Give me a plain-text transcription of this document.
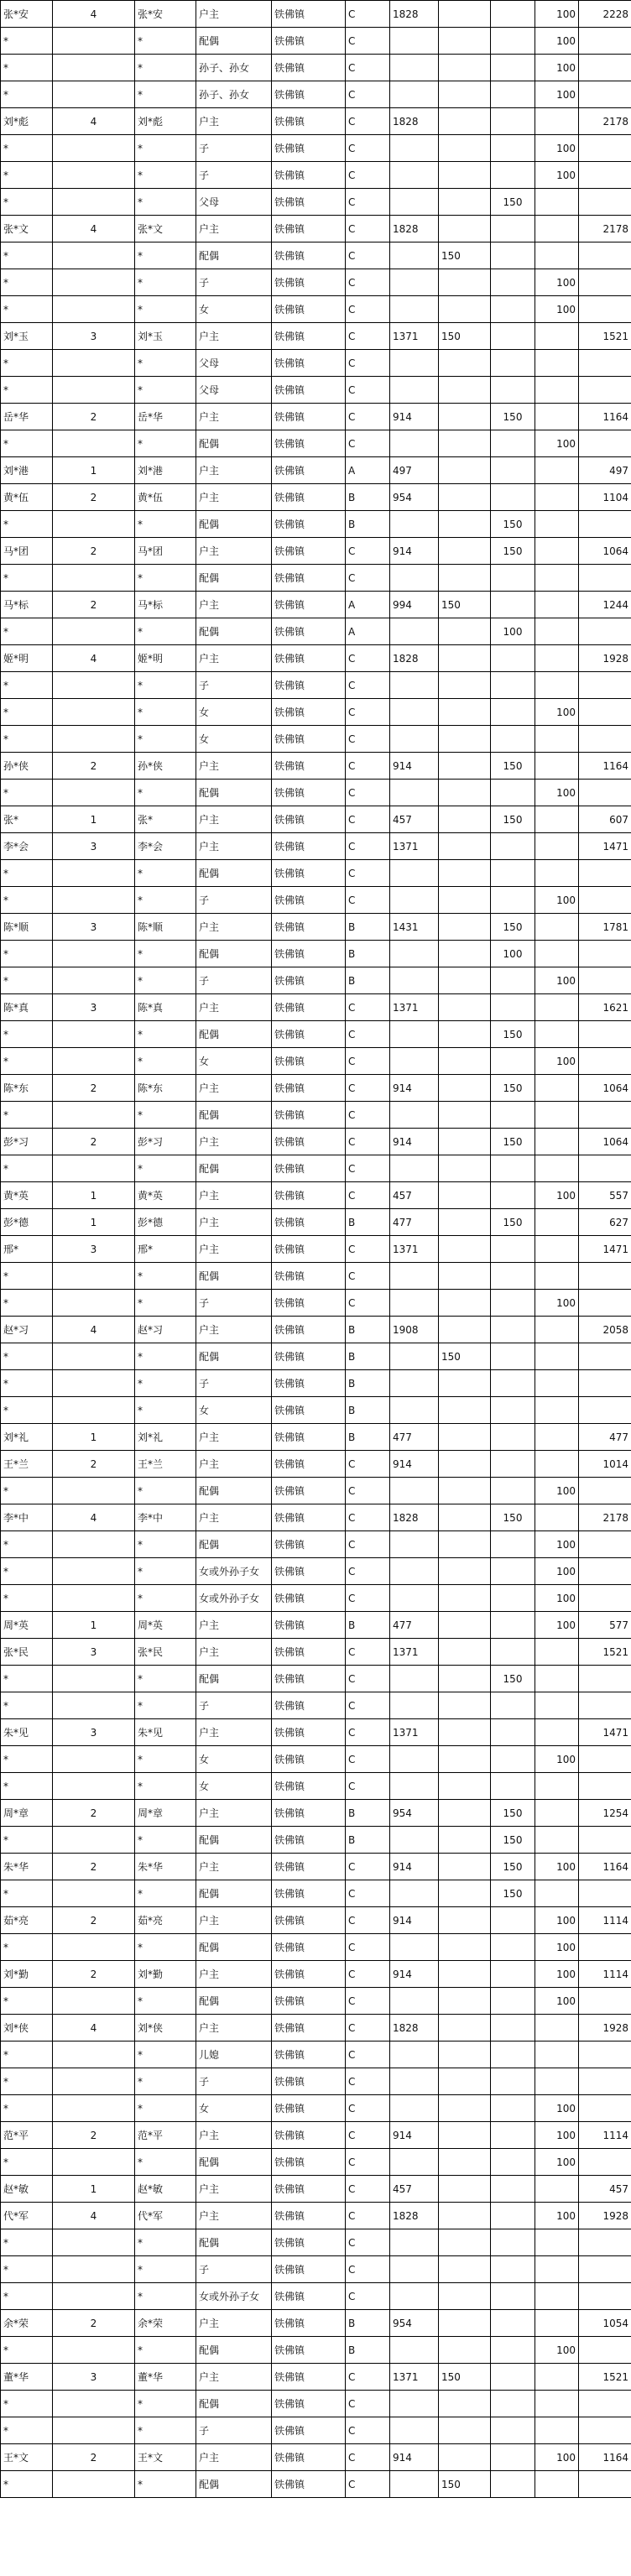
张*安	4	张*安	户主	铁佛镇	C	1828			100	2228
*		*	配偶	铁佛镇	C				100	
*		*	孙子、孙女	铁佛镇	C				100	
*		*	孙子、孙女	铁佛镇	C				100	
刘*彪	4	刘*彪	户主	铁佛镇	C	1828				2178
*		*	子	铁佛镇	C				100	
*		*	子	铁佛镇	C				100	
*		*	父母	铁佛镇	C			150		
张*文	4	张*文	户主	铁佛镇	C	1828				2178
*		*	配偶	铁佛镇	C		150			
*		*	子	铁佛镇	C				100	
*		*	女	铁佛镇	C				100	
刘*玉	3	刘*玉	户主	铁佛镇	C	1371	150			1521
*		*	父母	铁佛镇	C					
*		*	父母	铁佛镇	C					
岳*华	2	岳*华	户主	铁佛镇	C	914		150		1164
*		*	配偶	铁佛镇	C				100	
刘*港	1	刘*港	户主	铁佛镇	A	497				497
黄*伍	2	黄*伍	户主	铁佛镇	B	954				1104
*		*	配偶	铁佛镇	B			150		
马*团	2	马*团	户主	铁佛镇	C	914		150		1064
*		*	配偶	铁佛镇	C					
马*标	2	马*标	户主	铁佛镇	A	994	150			1244
*		*	配偶	铁佛镇	A			100		
姬*明	4	姬*明	户主	铁佛镇	C	1828				1928
*		*	子	铁佛镇	C					
*		*	女	铁佛镇	C				100	
*		*	女	铁佛镇	C					
孙*侠	2	孙*侠	户主	铁佛镇	C	914		150		1164
*		*	配偶	铁佛镇	C				100	
张*	1	张*	户主	铁佛镇	C	457		150		607
李*会	3	李*会	户主	铁佛镇	C	1371				1471
*		*	配偶	铁佛镇	C					
*		*	子	铁佛镇	C				100	
陈*顺	3	陈*顺	户主	铁佛镇	B	1431		150		1781
*		*	配偶	铁佛镇	B			100		
*		*	子	铁佛镇	B				100	
陈*真	3	陈*真	户主	铁佛镇	C	1371				1621
*		*	配偶	铁佛镇	C			150		
*		*	女	铁佛镇	C				100	
陈*东	2	陈*东	户主	铁佛镇	C	914		150		1064
*		*	配偶	铁佛镇	C					
彭*习	2	彭*习	户主	铁佛镇	C	914		150		1064
*		*	配偶	铁佛镇	C					
黄*英	1	黄*英	户主	铁佛镇	C	457			100	557
彭*德	1	彭*德	户主	铁佛镇	B	477		150		627
邢*	3	邢*	户主	铁佛镇	C	1371				1471
*		*	配偶	铁佛镇	C					
*		*	子	铁佛镇	C				100	
赵*习	4	赵*习	户主	铁佛镇	B	1908				2058
*		*	配偶	铁佛镇	B		150			
*		*	子	铁佛镇	B					
*		*	女	铁佛镇	B					
刘*礼	1	刘*礼	户主	铁佛镇	B	477				477
王*兰	2	王*兰	户主	铁佛镇	C	914				1014
*		*	配偶	铁佛镇	C				100	
李*中	4	李*中	户主	铁佛镇	C	1828		150		2178
*		*	配偶	铁佛镇	C				100	
*		*	女或外孙子女	铁佛镇	C				100	
*		*	女或外孙子女	铁佛镇	C				100	
周*英	1	周*英	户主	铁佛镇	B	477			100	577
张*民	3	张*民	户主	铁佛镇	C	1371				1521
*		*	配偶	铁佛镇	C			150		
*		*	子	铁佛镇	C					
朱*见	3	朱*见	户主	铁佛镇	C	1371				1471
*		*	女	铁佛镇	C				100	
*		*	女	铁佛镇	C					
周*章	2	周*章	户主	铁佛镇	B	954		150		1254
*		*	配偶	铁佛镇	B			150		
朱*华	2	朱*华	户主	铁佛镇	C	914		150	100	1164
*		*	配偶	铁佛镇	C			150		
茹*亮	2	茹*亮	户主	铁佛镇	C	914			100	1114
*		*	配偶	铁佛镇	C				100	
刘*勤	2	刘*勤	户主	铁佛镇	C	914			100	1114
*		*	配偶	铁佛镇	C				100	
刘*侠	4	刘*侠	户主	铁佛镇	C	1828				1928
*		*	儿媳	铁佛镇	C					
*		*	子	铁佛镇	C					
*		*	女	铁佛镇	C				100	
范*平	2	范*平	户主	铁佛镇	C	914			100	1114
*		*	配偶	铁佛镇	C				100	
赵*敏	1	赵*敏	户主	铁佛镇	C	457				457
代*军	4	代*军	户主	铁佛镇	C	1828			100	1928
*		*	配偶	铁佛镇	C					
*		*	子	铁佛镇	C					
*		*	女或外孙子女	铁佛镇	C					
余*荣	2	余*荣	户主	铁佛镇	B	954				1054
*		*	配偶	铁佛镇	B				100	
董*华	3	董*华	户主	铁佛镇	C	1371	150			1521
*		*	配偶	铁佛镇	C					
*		*	子	铁佛镇	C					
王*文	2	王*文	户主	铁佛镇	C	914			100	1164
*		*	配偶	铁佛镇	C		150			
